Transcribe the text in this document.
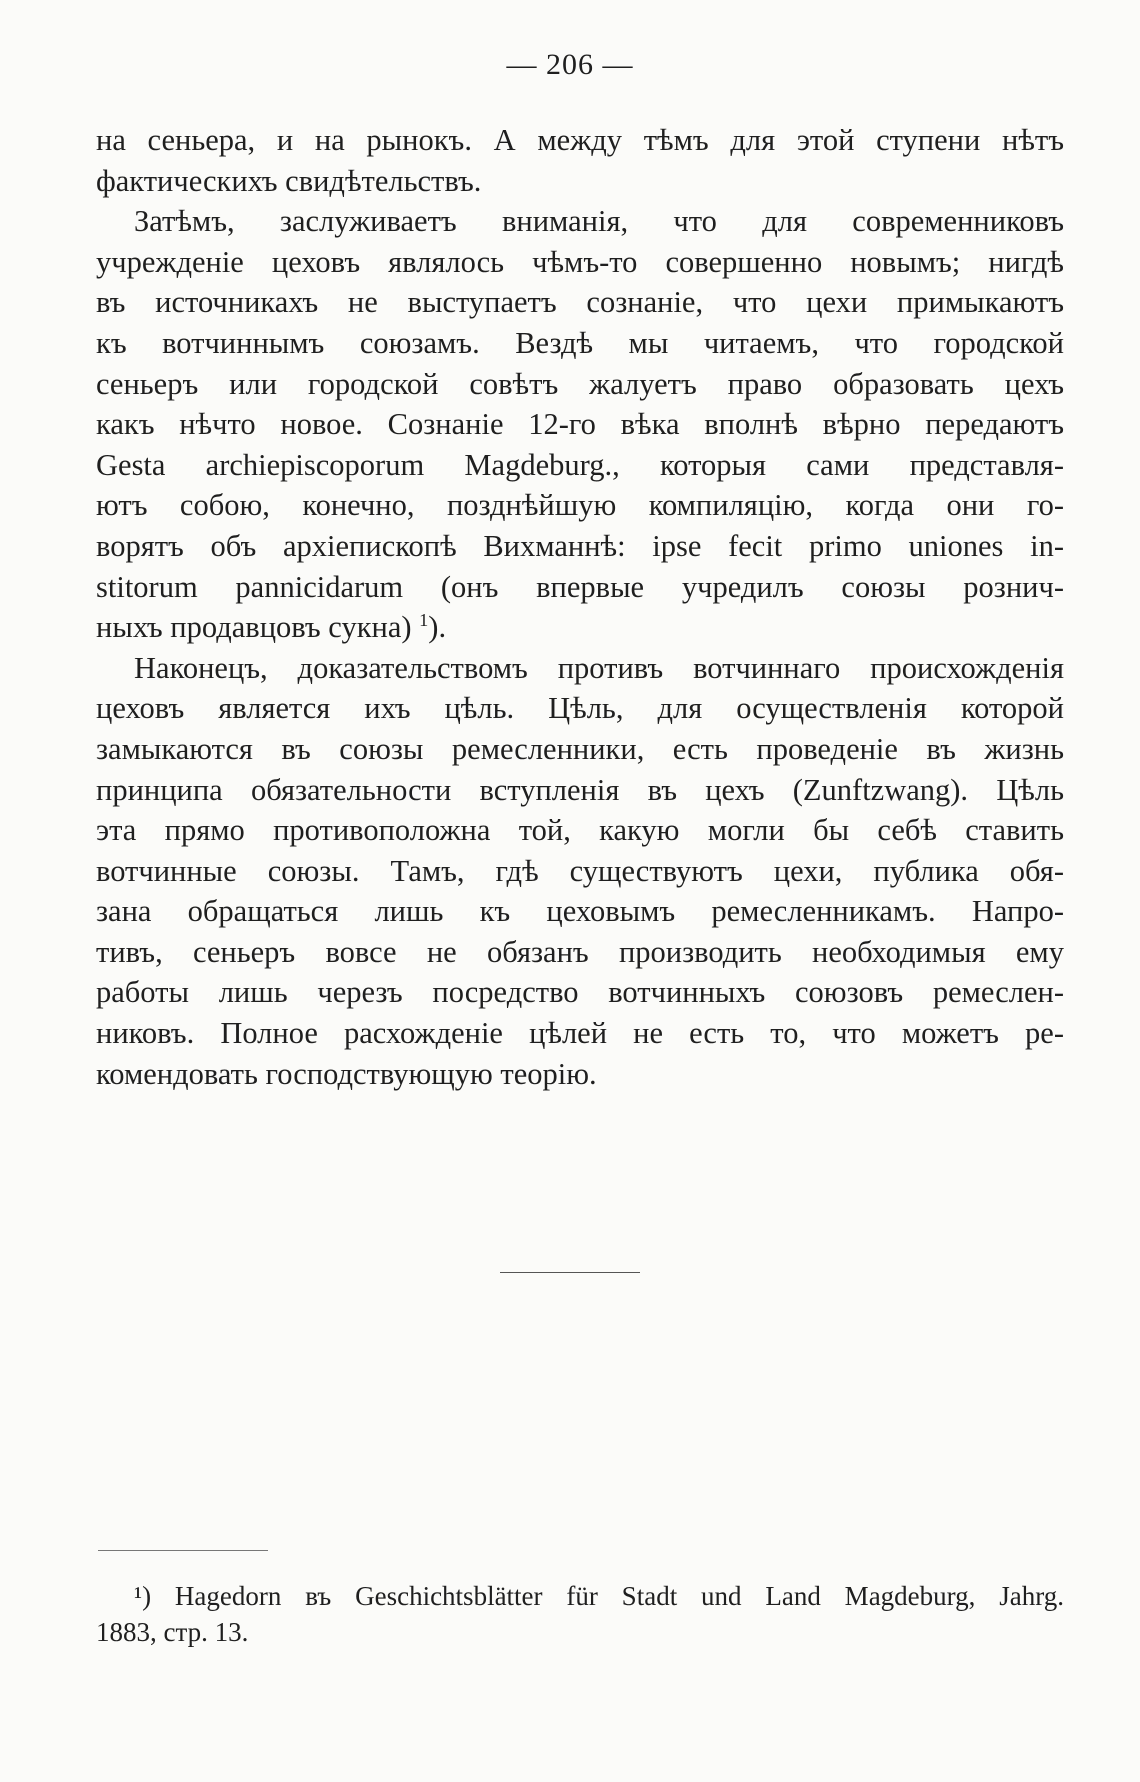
— 206 —

на сеньера, и на рынокъ. А между тѣмъ для этой ступени нѣтъ
фактическихъ свидѣтельствъ.

Затѣмъ, заслуживаетъ вниманія, что для современниковъ
учрежденіе цеховъ являлось чѣмъ-то совершенно новымъ; нигдѣ
въ источникахъ не выступаетъ сознаніе, что цехи примыкаютъ
къ вотчиннымъ союзамъ. Вездѣ мы читаемъ, что городской
сеньеръ или городской совѣтъ жалуетъ право образовать цехъ
какъ нѣчто новое. Сознаніе 12-го вѣка вполнѣ вѣрно передаютъ
Gesta archiepiscoporum Magdeburg., которыя сами представля-
ютъ собою, конечно, позднѣйшую компиляцію, когда они го-
ворятъ объ архіепископѣ Вихманнѣ: ipse fecit primo uniones in-
stitorum pannicidarum (онъ впервые учредилъ союзы рознич-
ныхъ продавцовъ сукна) $^1$).

Наконецъ, доказательствомъ противъ вотчиннаго происхожденія
цеховъ является ихъ цѣль. Цѣль, для осуществленія которой
замыкаются въ союзы ремесленники, есть проведеніе въ жизнь
принципа обязательности вступленія въ цехъ (Zunftzwang). Цѣль
эта прямо противоположна той, какую могли бы себѣ ставить
вотчинные союзы. Тамъ, гдѣ существуютъ цехи, публика обя-
зана обращаться лишь къ цеховымъ ремесленникамъ. Напро-
тивъ, сеньеръ вовсе не обязанъ производить необходимыя ему
работы лишь черезъ посредство вотчинныхъ союзовъ ремеслен-
никовъ. Полное расхожденіе цѣлей не есть то, что можетъ ре-
комендовать господствующую теорію.

¹) Hagedorn въ Geschichtsblätter für Stadt und Land Magdeburg, Jahrg.
1883, стр. 13.
